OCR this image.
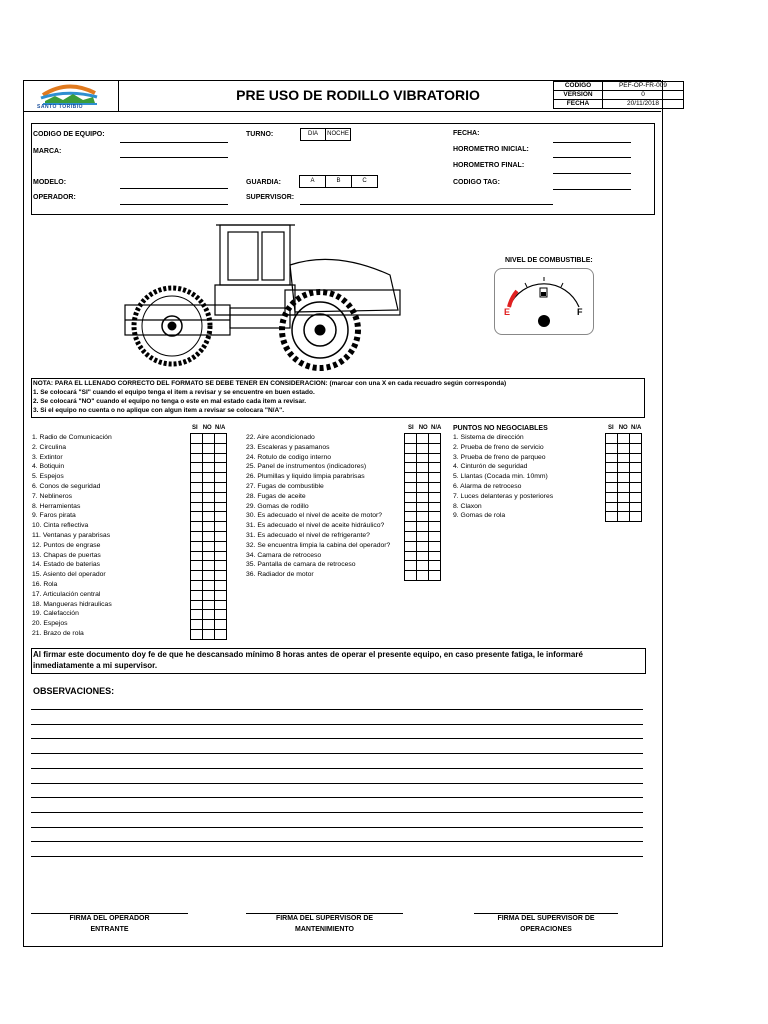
SANTO TORIBIO
PRE USO DE RODILLO VIBRATORIO
CODIGO	PEF-OP-FR-009
VERSION	0
FECHA	20/11/2018
CODIGO DE EQUIPO:
MARCA:
MODELO:
OPERADOR:
TURNO:	DIA	NOCHE
GUARDIA:	A	B	C
SUPERVISOR:
FECHA:
HOROMETRO INICIAL:
HOROMETRO FINAL:
CODIGO TAG:
NIVEL DE COMBUSTIBLE:
E	F
NOTA: PARA EL LLENADO CORRECTO DEL FORMATO SE DEBE TENER EN CONSIDERACION: (marcar con una X en cada recuadro según corresponda)
1. Se colocará "SI" cuando el equipo tenga el item a revisar y se encuentre en buen estado.
2. Se colocará "NO" cuando el equipo no tenga o este en mal estado cada item a revisar.
3. Si el equipo no cuenta o no aplique con algun item a revisar se colocara "N/A".
SI NO N/A	SI NO N/A	SI NO N/A
PUNTOS NO NEGOCIABLES
1. Radio de Comunicación
2. Circulina
3. Extintor
4. Botiquin
5. Espejos
6. Conos de seguridad
7. Neblineros
8. Herramientas
9. Faros pirata
10. Cinta reflectiva
11. Ventanas y parabrisas
12. Puntos de engrase
13. Chapas de puertas
14. Estado de baterias
15. Asiento del operador
16. Rola
17. Articulación central
18. Mangueras hidraulicas
19. Calefacción
20. Espejos
21. Brazo de rola
22. Aire acondicionado
23. Escaleras y pasamanos
24. Rotulo de codigo interno
25. Panel de instrumentos (indicadores)
26. Plumillas y liquido limpia parabrisas
27. Fugas de combustible
28. Fugas de aceite
29. Gomas de rodillo
30. Es adecuado el nivel de aceite de motor?
31. Es adecuado el nivel de aceite hidráulico?
31. Es adecuado el nivel de refrigerante?
32. Se encuentra limpia la cabina del operador?
34. Camara de retroceso
35. Pantalla de camara de retroceso
36. Radiador de motor
1. Sistema de dirección
2. Prueba de freno de servicio
3. Prueba de freno de parqueo
4. Cinturón de seguridad
5. Llantas (Cocada min. 10mm)
6. Alarma de retroceso
7. Luces delanteras y posteriores
8. Claxon
9. Gomas de rola

Al firmar este documento doy fe de que he descansado mínimo 8 horas antes de operar el presente equipo, en caso presente fatiga, le informaré inmediatamente a mi supervisor.
OBSERVACIONES:
FIRMA DEL OPERADOR
ENTRANTE
FIRMA DEL SUPERVISOR DE
MANTENIMIENTO
FIRMA DEL SUPERVISOR DE
OPERACIONES
